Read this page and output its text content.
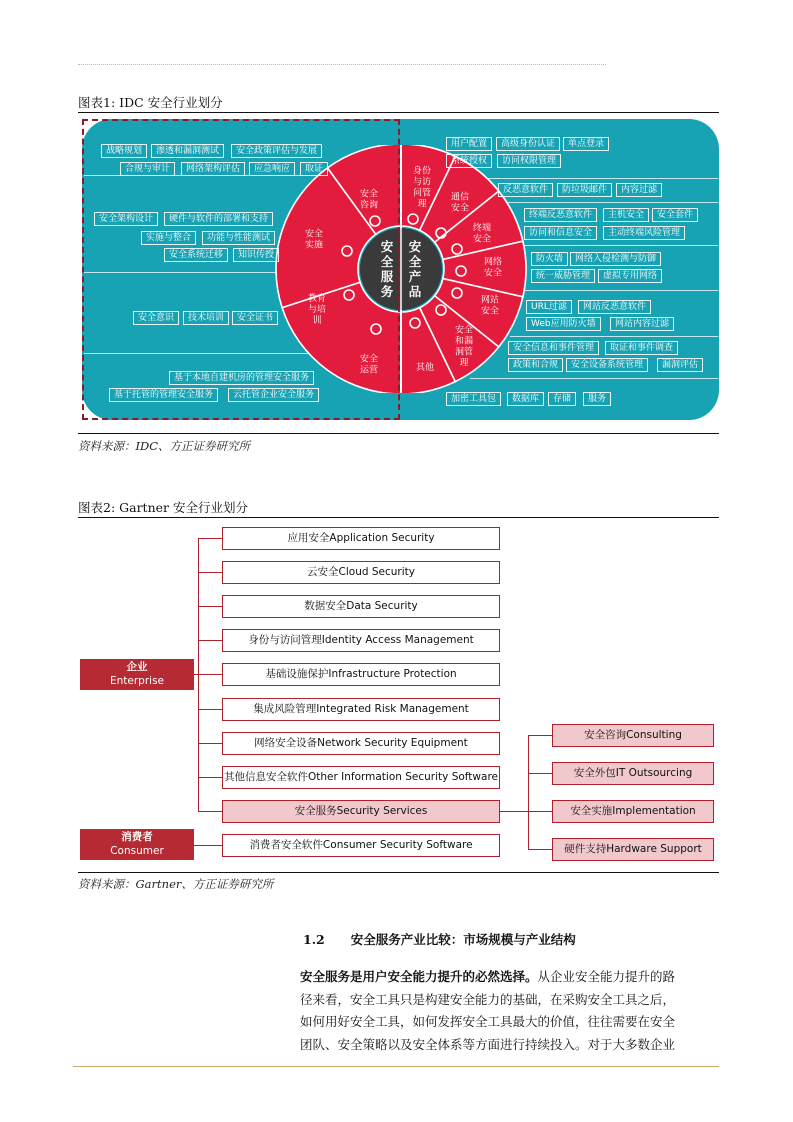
图表1: IDC 安全行业划分
安全服务
安全产品
安全咨询
安全实施
教育与培训
安全运营
身份与访问管理
通信安全
终端安全
网络安全
网站安全
安全和漏洞管理
其他
战略规划	渗透和漏洞测试	安全政策评估与发展
合规与审计	网络架构评估	应急响应	取证
安全架构设计	硬件与软件的部署和支持
实施与整合	功能与性能测试
安全系统迁移	知识传授
安全意识	技术培训	安全证书
基于本地自建机房的管理安全服务
基于托管的管理安全服务	云托管企业安全服务
用户配置	高级身份认证	单点登录
系统授权	访问权限管理
反恶意软件	防垃圾邮件	内容过滤
终端反恶意软件	主机安全	安全套件
访问和信息安全	主动终端风险管理
防火墙	网络入侵检测与防御
统一威胁管理	虚拟专用网络
URL过滤	网站反恶意软件
Web应用防火墙	网站内容过滤
安全信息和事件管理	取证和事件调查
政策和合规	安全设备系统管理	漏洞评估
加密工具包	数据库	存储	服务
资料来源：IDC、方正证券研究所
图表2: Gartner 安全行业划分
应用安全Application Security
云安全Cloud Security
数据安全Data Security
身份与访问管理Identity Access Management
基础设施保护Infrastructure Protection
集成风险管理Integrated Risk Management
网络安全设备Network Security Equipment
其他信息安全软件Other Information Security Software
安全服务Security Services
消费者安全软件Consumer Security Software
安全咨询Consulting
安全外包IT Outsourcing
安全实施Implementation
硬件支持Hardware Support
企业
Enterprise
消费者
Consumer
资料来源：Gartner、方正证券研究所
1.2 安全服务产业比较：市场规模与产业结构

安全服务是用户安全能力提升的必然选择。从企业安全能力提升的路

径来看，安全工具只是构建安全能力的基础，在采购安全工具之后，

如何用好安全工具，如何发挥安全工具最大的价值，往往需要在安全

团队、安全策略以及安全体系等方面进行持续投入。对于大多数企业
